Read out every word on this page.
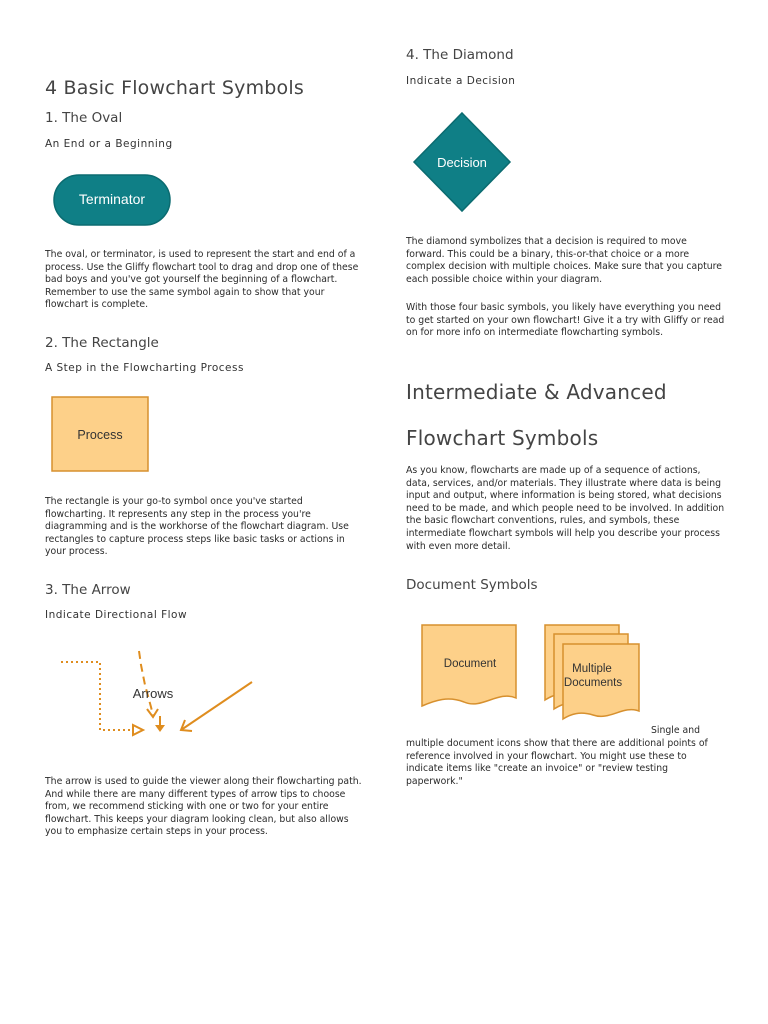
4 Basic Flowchart Symbols
1. The Oval
An End or a Beginning
Terminator
The oval, or terminator, is used to represent the start and end of a process. Use the Gliffy flowchart tool to drag and drop one of these bad boys and you've got yourself the beginning of a flowchart. Remember to use the same symbol again to show that your flowchart is complete.
2. The Rectangle
A Step in the Flowcharting Process
Process
The rectangle is your go-to symbol once you've started flowcharting. It represents any step in the process you're diagramming and is the workhorse of the flowchart diagram. Use rectangles to capture process steps like basic tasks or actions in your process.
3. The Arrow
Indicate Directional Flow
Arrows
The arrow is used to guide the viewer along their flowcharting path. And while there are many different types of arrow tips to choose from, we recommend sticking with one or two for your entire flowchart. This keeps your diagram looking clean, but also allows you to emphasize certain steps in your process.
4. The Diamond
Indicate a Decision
Decision
The diamond symbolizes that a decision is required to move forward. This could be a binary, this-or-that choice or a more complex decision with multiple choices. Make sure that you capture each possible choice within your diagram.
With those four basic symbols, you likely have everything you need to get started on your own flowchart! Give it a try with Gliffy or read on for more info on intermediate flowcharting symbols.
Intermediate & Advanced
Flowchart Symbols
As you know, flowcharts are made up of a sequence of actions, data, services, and/or materials. They illustrate where data is being input and output, where information is being stored, what decisions need to be made, and which people need to be involved. In addition the basic flowchart conventions, rules, and symbols, these intermediate flowchart symbols will help you describe your process with even more detail.
Document Symbols
Document	Multiple
Documents
Single and
multiple document icons show that there are additional points of reference involved in your flowchart. You might use these to indicate items like "create an invoice" or "review testing paperwork."
